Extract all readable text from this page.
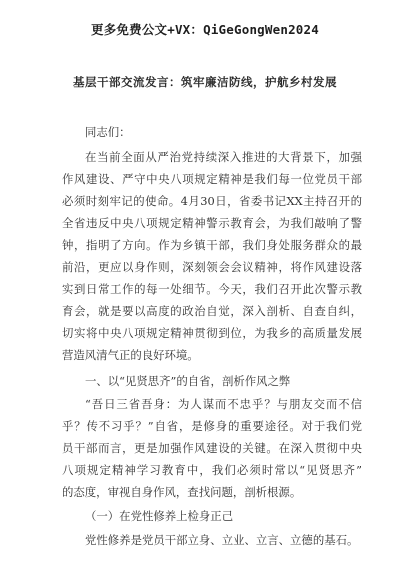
更多免费公文+VX：QiGeGongWen2024
基层干部交流发言：筑牢廉洁防线，护航乡村发展
同志们：
在当前全面从严治党持续深入推进的大背景下，加强
作风建设、严守中央八项规定精神是我们每一位党员干部
必须时刻牢记的使命。4月30日，省委书记XX主持召开的
全省违反中央八项规定精神警示教育会，为我们敲响了警
钟，指明了方向。作为乡镇干部，我们身处服务群众的最
前沿，更应以身作则，深刻领会会议精神，将作风建设落
实到日常工作的每一处细节。今天，我们召开此次警示教
育会，就是要以高度的政治自觉，深入剖析、自查自纠，
切实将中央八项规定精神贯彻到位，为我乡的高质量发展
营造风清气正的良好环境。
一、以“见贤思齐”的自省，剖析作风之弊
“吾日三省吾身：为人谋而不忠乎？与朋友交而不信
乎？传不习乎？”自省，是修身的重要途径。对于我们党
员干部而言，更是加强作风建设的关键。在深入贯彻中央
八项规定精神学习教育中，我们必须时常以“见贤思齐”
的态度，审视自身作风，查找问题，剖析根源。
（一）在党性修养上检身正己
党性修养是党员干部立身、立业、立言、立德的基石。
